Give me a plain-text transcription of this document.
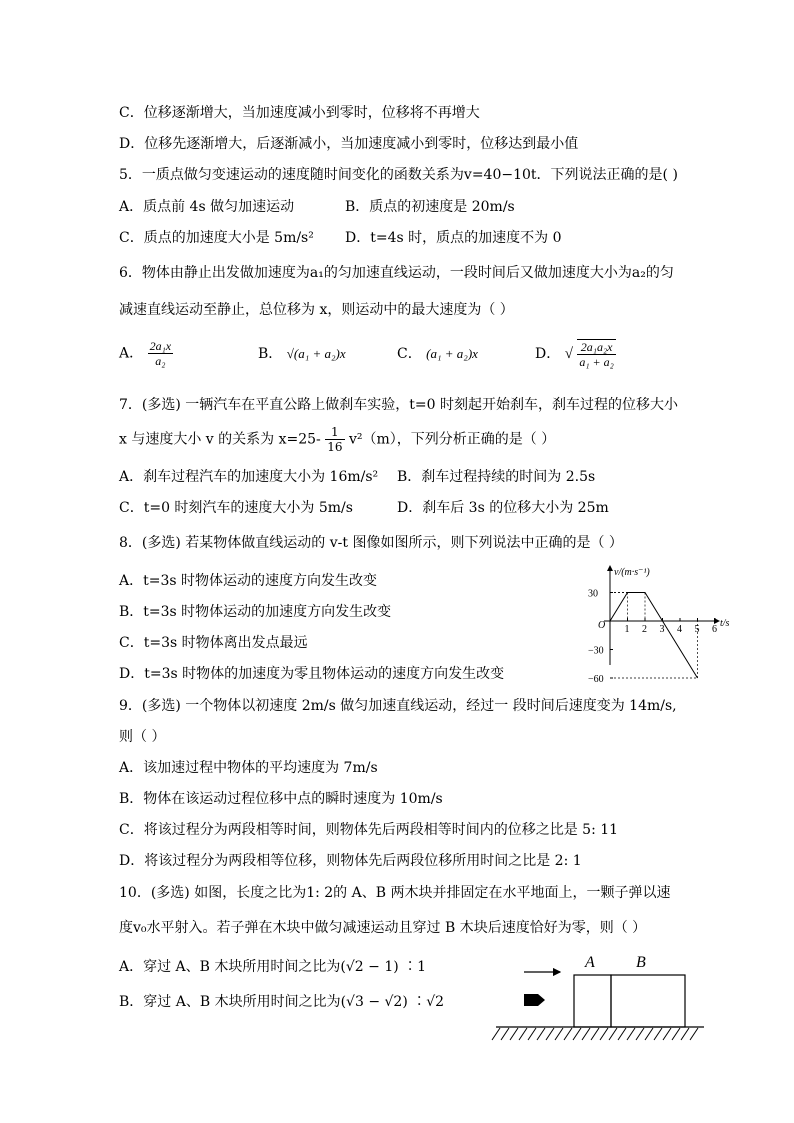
C．位移逐渐增大，当加速度减小到零时，位移将不再增大
D．位移先逐渐增大，后逐渐减小，当加速度减小到零时，位移达到最小值
5．一质点做匀变速运动的速度随时间变化的函数关系为v=40−10t．下列说法正确的是( )
A．质点前 4s 做匀加速运动	B．质点的初速度是 20m/s
C．质点的加速度大小是 5m/s² D．t=4s 时，质点的加速度不为 0
6．物体由静止出发做加速度为a₁的匀加速直线运动，一段时间后又做加速度大小为a₂的匀
减速直线运动至静止，总位移为 x，则运动中的最大速度为（ ）
A． $\frac{\text{2a₁x}}{\text{a₂}}$	B． √(a₁ + a₂)x	C． (a₁ + a₂)x	D． √ $\frac{\text{2a₁a₂x}}{\text{a₁ + a₂}}$
7．(多选) 一辆汽车在平直公路上做刹车实验，t=0 时刻起开始刹车，刹车过程的位移大小
x 与速度大小 v 的关系为 $x=25- \frac{1}{16} v^2(m)$，下列分析正确的是（ ）
A．刹车过程汽车的加速度大小为 16m/s² B．刹车过程持续的时间为 2.5s
C．t=0 时刻汽车的速度大小为 5m/s	D．刹车后 3s 的位移大小为 25m
8．(多选) 若某物体做直线运动的 v-t 图像如图所示，则下列说法中正确的是（ ）
A．t=3s 时物体运动的速度方向发生改变
B．t=3s 时物体运动的加速度方向发生改变
C．t=3s 时物体离出发点最远
D．t=3s 时物体的加速度为零且物体运动的速度方向发生改变
v/(m·s⁻¹)
t/s
O 1 2 3 4 5 6
30
−30
−60
9．(多选) 一个物体以初速度 2m/s 做匀加速直线运动，经过一 段时间后速度变为 14m/s,
则（ ）
A．该加速过程中物体的平均速度为 7m/s
B．物体在该运动过程位移中点的瞬时速度为 10m/s
C．将该过程分为两段相等时间，则物体先后两段相等时间内的位移之比是 5: 11
D．将该过程分为两段相等位移，则物体先后两段位移所用时间之比是 2: 1
10．(多选) 如图，长度之比为1: 2的 A、B 两木块并排固定在水平地面上，一颗子弹以速
度v₀水平射入。若子弹在木块中做匀减速运动且穿过 B 木块后速度恰好为零，则（ ）
A．穿过 A、B 木块所用时间之比为(√2 − 1) ∶1
B．穿过 A、B 木块所用时间之比为(√3 − √2) ∶√2
A	B
